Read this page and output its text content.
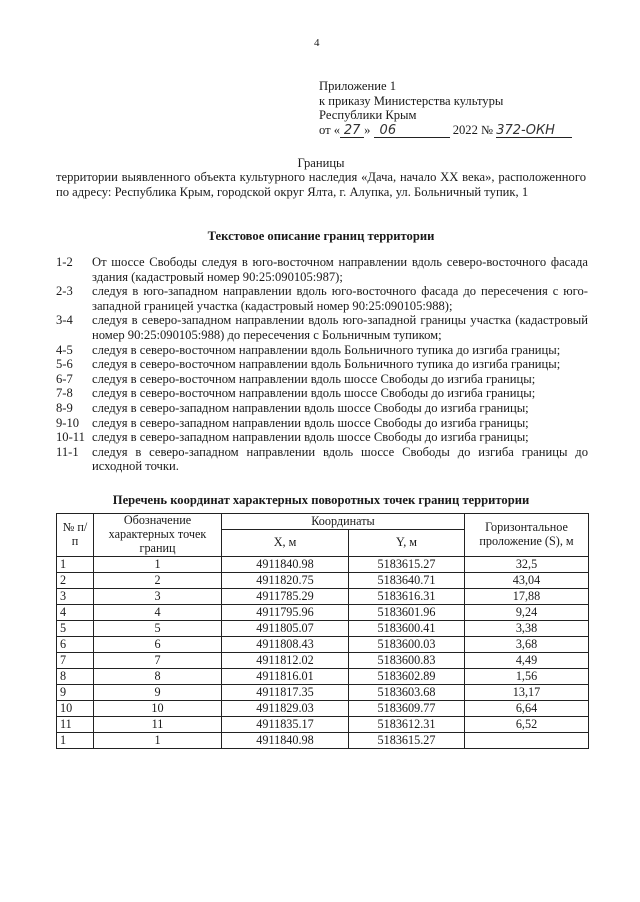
4
Приложение 1
к приказу Министерства культуры
Республики Крым
от « 27 » 06	2022 № 372-ОКН
Границы
территории выявленного объекта культурного наследия «Дача, начало XX века», расположенного по адресу: Республика Крым, городской округ Ялта, г. Алупка, ул. Больничный тупик, 1
Текстовое описание границ территории
1-2	От шоссе Свободы следуя в юго-восточном направлении вдоль северо-восточного фасада здания (кадастровый номер 90:25:090105:987);
2-3	следуя в юго-западном направлении вдоль юго-восточного фасада до пересечения с юго-западной границей участка (кадастровый номер 90:25:090105:988);
3-4	следуя в северо-западном направлении вдоль юго-западной границы участка (кадастровый номер 90:25:090105:988) до пересечения с Больничным тупиком;
4-5	следуя в северо-восточном направлении вдоль Больничного тупика до изгиба границы;
5-6	следуя в северо-восточном направлении вдоль Больничного тупика до изгиба границы;
6-7	следуя в северо-восточном направлении вдоль шоссе Свободы до изгиба границы;
7-8	следуя в северо-восточном направлении вдоль шоссе Свободы до изгиба границы;
8-9	следуя в северо-западном направлении вдоль шоссе Свободы до изгиба границы;
9-10	следуя в северо-западном направлении вдоль шоссе Свободы до изгиба границы;
10-11 следуя в северо-западном направлении вдоль шоссе Свободы до изгиба границы;
11-1	следуя в северо-западном направлении вдоль шоссе Свободы до изгиба границы до исходной точки.
Перечень координат характерных поворотных точек границ территории
№ п/п	Обозначение характерных точек границ	Координаты		Горизонтальное проложение (S), м
		X, м	Y, м	
1	1	4911840.98	5183615.27	32,5
2	2	4911820.75	5183640.71	43,04
3	3	4911785.29	5183616.31	17,88
4	4	4911795.96	5183601.96	9,24
5	5	4911805.07	5183600.41	3,38
6	6	4911808.43	5183600.03	3,68
7	7	4911812.02	5183600.83	4,49
8	8	4911816.01	5183602.89	1,56
9	9	4911817.35	5183603.68	13,17
10	10	4911829.03	5183609.77	6,64
11	11	4911835.17	5183612.31	6,52
1	1	4911840.98	5183615.27	
